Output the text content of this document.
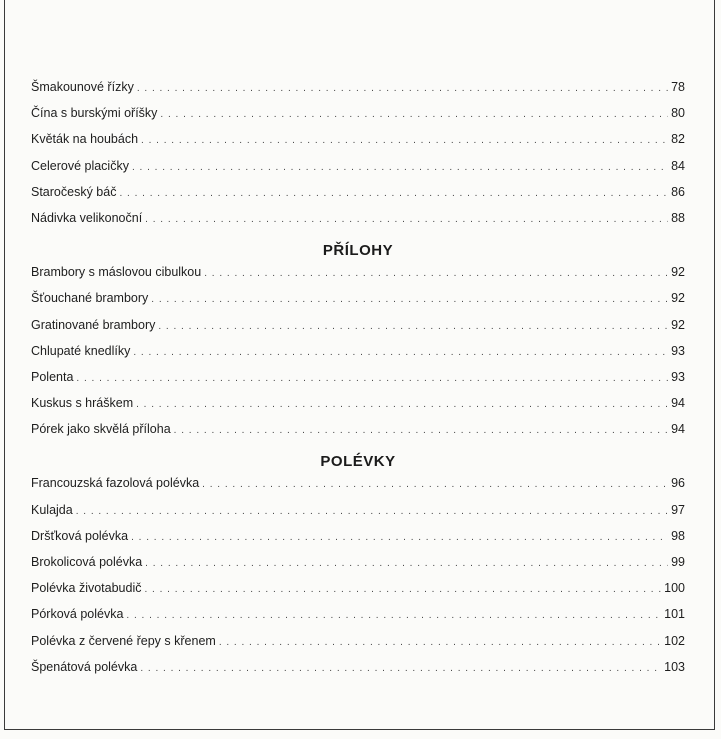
Šmakounové řízky . . .	78
Čína s burskými oříšky . . .	80
Květák na houbách . . .	82
Celerové placičky . . .	84
Staročeský báč . . .	86
Nádivka velikonoční . . .	88
PŘÍLOHY
Brambory s máslovou cibulkou . . .	92
Šťouchané brambory . . .	92
Gratinované brambory . . .	92
Chlupaté knedlíky . . .	93
Polenta . . .	93
Kuskus s hráškem . . .	94
Pórek jako skvělá příloha . . .	94
POLÉVKY
Francouzská fazolová polévka . . .	96
Kulajda . . .	97
Dršťková polévka . . .	98
Brokolicová polévka . . .	99
Polévka životabudič . . .	100
Pórková polévka . . .	101
Polévka z červené řepy s křenem . . .	102
Špenátová polévka . . .	103
